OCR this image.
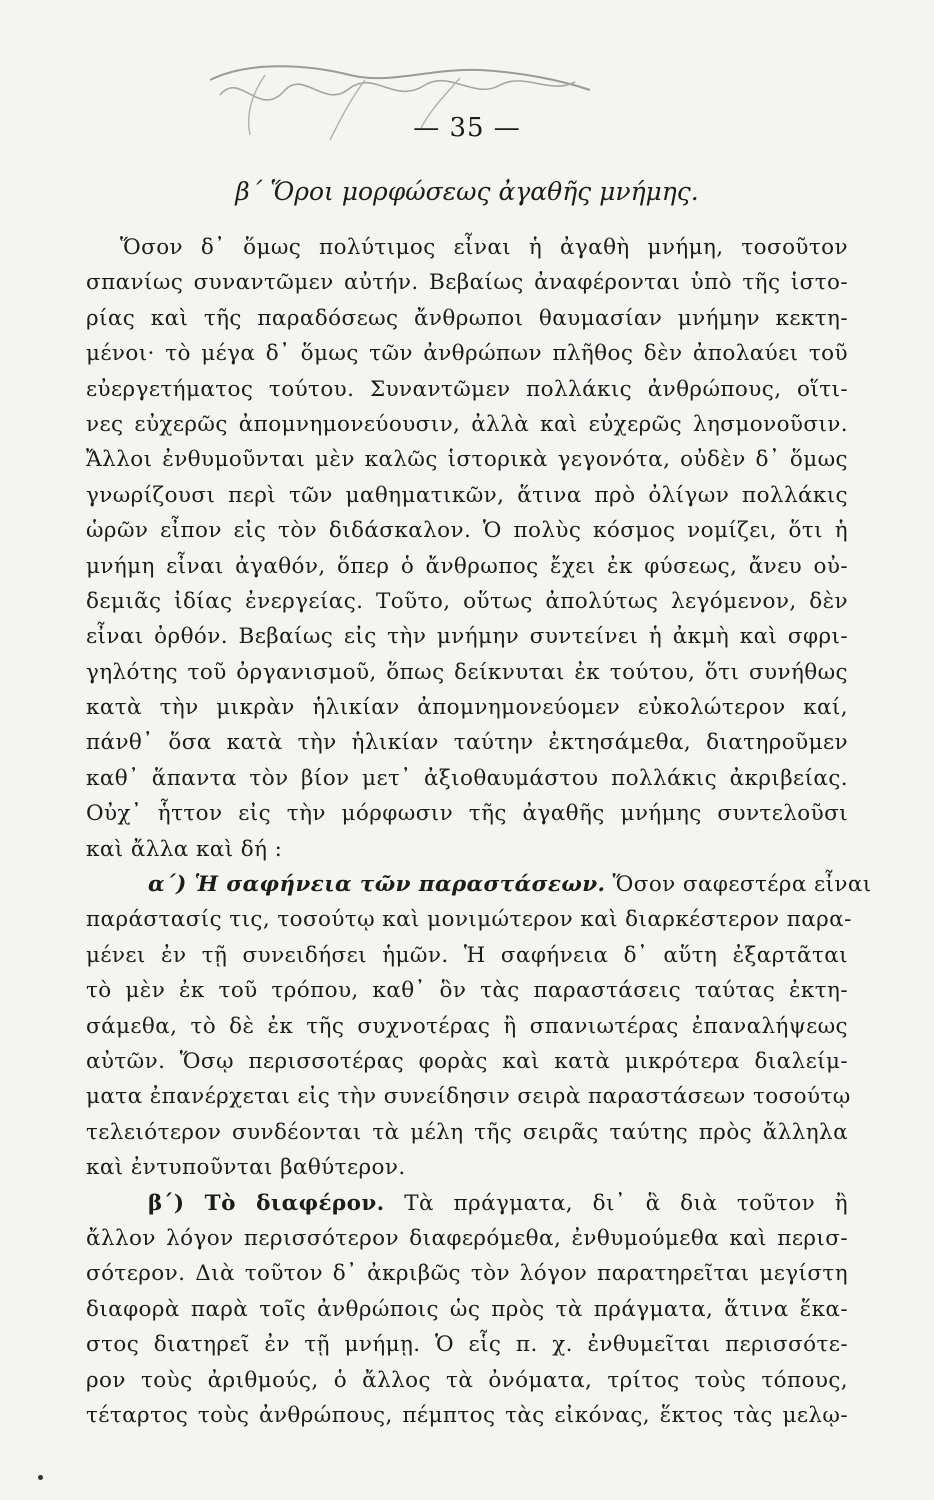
— 35 —
β΄ Ὅροι μορφώσεως ἀγαθῆς μνήμης.
Ὅσον δ᾿ ὅμως πολύτιμος εἶναι ἡ ἀγαθὴ μνήμη, τοσοῦτον
σπανίως συναντῶμεν αὐτήν. Βεβαίως ἀναφέρονται ὑπὸ τῆς ἱστο-
ρίας καὶ τῆς παραδόσεως ἄνθρωποι θαυμασίαν μνήμην κεκτη-
μένοι· τὸ μέγα δ᾿ ὅμως τῶν ἀνθρώπων πλῆθος δὲν ἀπολαύει τοῦ
εὐεργετήματος τούτου. Συναντῶμεν πολλάκις ἀνθρώπους, οἵτι-
νες εὐχερῶς ἀπομνημονεύουσιν, ἀλλὰ καὶ εὐχερῶς λησμονοῦσιν.
Ἄλλοι ἐνθυμοῦνται μὲν καλῶς ἱστορικὰ γεγονότα, οὐδὲν δ᾿ ὅμως
γνωρίζουσι περὶ τῶν μαθηματικῶν, ἅτινα πρὸ ὀλίγων πολλάκις
ὡρῶν εἶπον εἰς τὸν διδάσκαλον. Ὁ πολὺς κόσμος νομίζει, ὅτι ἡ
μνήμη εἶναι ἀγαθόν, ὅπερ ὁ ἄνθρωπος ἔχει ἐκ φύσεως, ἄνευ οὐ-
δεμιᾶς ἰδίας ἐνεργείας. Τοῦτο, οὕτως ἀπολύτως λεγόμενον, δὲν
εἶναι ὀρθόν. Βεβαίως εἰς τὴν μνήμην συντείνει ἡ ἀκμὴ καὶ σφρι-
γηλότης τοῦ ὀργανισμοῦ, ὅπως δείκνυται ἐκ τούτου, ὅτι συνήθως
κατὰ τὴν μικρὰν ἡλικίαν ἀπομνημονεύομεν εὐκολώτερον καί,
πάνθ᾿ ὅσα κατὰ τὴν ἡλικίαν ταύτην ἐκτησάμεθα, διατηροῦμεν
καθ᾿ ἅπαντα τὸν βίον μετ᾿ ἀξιοθαυμάστου πολλάκις ἀκριβείας.
Οὐχ᾿ ἧττον εἰς τὴν μόρφωσιν τῆς ἀγαθῆς μνήμης συντελοῦσι
καὶ ἄλλα καὶ δή :
α΄) Ἡ σαφήνεια τῶν παραστάσεων. Ὅσον σαφεστέρα εἶναι
παράστασίς τις, τοσούτῳ καὶ μονιμώτερον καὶ διαρκέστερον παρα-
μένει ἐν τῇ συνειδήσει ἡμῶν. Ἡ σαφήνεια δ᾿ αὕτη ἐξαρτᾶται
τὸ μὲν ἐκ τοῦ τρόπου, καθ᾿ ὃν τὰς παραστάσεις ταύτας ἐκτη-
σάμεθα, τὸ δὲ ἐκ τῆς συχνοτέρας ἢ σπανιωτέρας ἐπαναλήψεως
αὐτῶν. Ὅσῳ περισσοτέρας φορὰς καὶ κατὰ μικρότερα διαλείμ-
ματα ἐπανέρχεται εἰς τὴν συνείδησιν σειρὰ παραστάσεων τοσούτῳ
τελειότερον συνδέονται τὰ μέλη τῆς σειρᾶς ταύτης πρὸς ἄλληλα
καὶ ἐντυποῦνται βαθύτερον.
β΄) Τὸ διαφέρον. Τὰ πράγματα, δι᾿ ἃ διὰ τοῦτον ἢ
ἄλλον λόγον περισσότερον διαφερόμεθα, ἐνθυμούμεθα καὶ περισ-
σότερον. Διὰ τοῦτον δ᾿ ἀκριβῶς τὸν λόγον παρατηρεῖται μεγίστη
διαφορὰ παρὰ τοῖς ἀνθρώποις ὡς πρὸς τὰ πράγματα, ἅτινα ἕκα-
στος διατηρεῖ ἐν τῇ μνήμῃ. Ὁ εἷς π. χ. ἐνθυμεῖται περισσότε-
ρον τοὺς ἀριθμούς, ὁ ἄλλος τὰ ὀνόματα, τρίτος τοὺς τόπους,
τέταρτος τοὺς ἀνθρώπους, πέμπτος τὰς εἰκόνας, ἕκτος τὰς μελῳ-
